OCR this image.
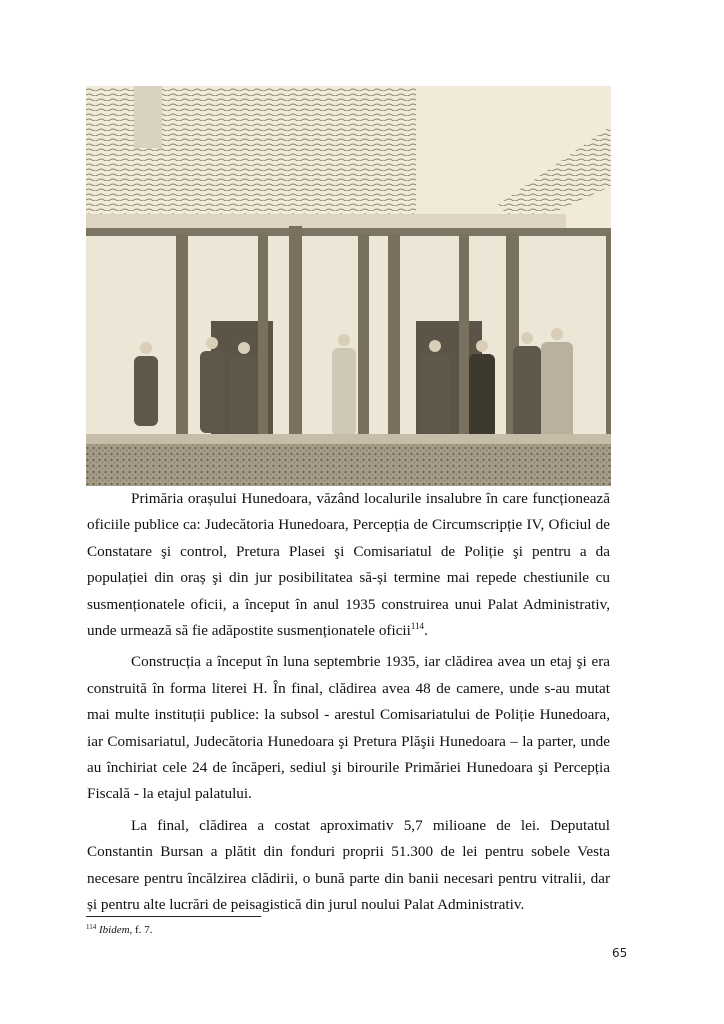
Primăria orașului Hunedoara, văzând localurile insalubre în care funcționează oficiile publice ca: Judecătoria Hunedoara, Percepția de Circumscripție IV, Oficiul de Constatare şi control, Pretura Plasei şi Comisariatul de Poliție şi pentru a da populației din oraș şi din jur posibilitatea să-și termine mai repede chestiunile cu susmenționatele oficii, a început în anul 1935 construirea unui Palat Administrativ, unde urmează să fie adăpostite susmenționatele oficii$^{114}$.

Construcția a început în luna septembrie 1935, iar clădirea avea un etaj şi era construită în forma literei H. În final, clădirea avea 48 de camere, unde s-au mutat mai multe instituții publice: la subsol - arestul Comisariatului de Poliție Hunedoara, iar Comisariatul, Judecătoria Hunedoara şi Pretura Plăşii Hunedoara – la parter, unde au închiriat cele 24 de încăperi, sediul şi birourile Primăriei Hunedoara şi Percepția Fiscală - la etajul palatului.

La final, clădirea a costat aproximativ 5,7 milioane de lei. Deputatul Constantin Bursan a plătit din fonduri proprii 51.300 de lei pentru sobele Vesta necesare pentru încălzirea clădirii, o bună parte din banii necesari pentru vitralii, dar și pentru alte lucrări de peisagistică din jurul noului Palat Administrativ.

$^{114}$ Ibidem, f. 7.
65
